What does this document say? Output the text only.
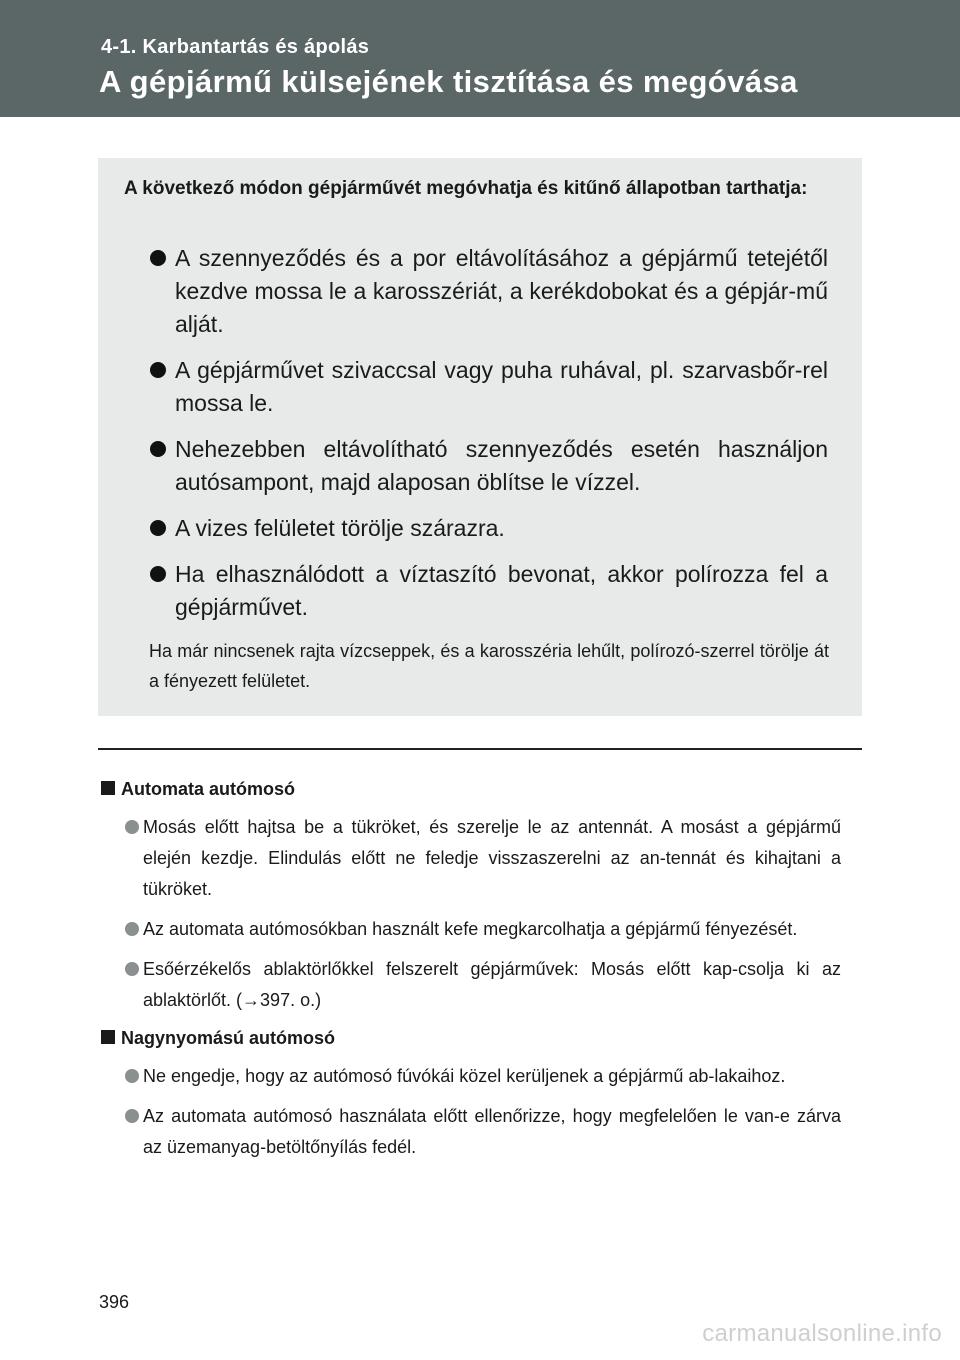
4-1. Karbantartás és ápolás
A gépjármű külsejének tisztítása és megóvása
A következő módon gépjárművét megóvhatja és kitűnő állapotban tarthatja:
A szennyeződés és a por eltávolításához a gépjármű tetejétől kezdve mossa le a karosszériát, a kerékdobokat és a gépjár-mű alját.
A gépjárművet szivaccsal vagy puha ruhával, pl. szarvasbőr-rel mossa le.
Nehezebben eltávolítható szennyeződés esetén használjon autósampont, majd alaposan öblítse le vízzel.
A vizes felületet törölje szárazra.
Ha elhasználódott a víztaszító bevonat, akkor polírozza fel a gépjárművet.
Ha már nincsenek rajta vízcseppek, és a karosszéria lehűlt, polírozó-szerrel törölje át a fényezett felületet.
Automata autómosó
Mosás előtt hajtsa be a tükröket, és szerelje le az antennát. A mosást a gépjármű elején kezdje. Elindulás előtt ne feledje visszaszerelni az an-tennát és kihajtani a tükröket.
Az automata autómosókban használt kefe megkarcolhatja a gépjármű fényezését.
Esőérzékelős ablaktörlőkkel felszerelt gépjárművek: Mosás előtt kap-csolja ki az ablaktörlőt. (→397. o.)
Nagynyomású autómosó
Ne engedje, hogy az autómosó fúvókái közel kerüljenek a gépjármű ab-lakaihoz.
Az automata autómosó használata előtt ellenőrizze, hogy megfelelően le van-e zárva az üzemanyag-betöltőnyílás fedél.
396
carmanualsonline.info
